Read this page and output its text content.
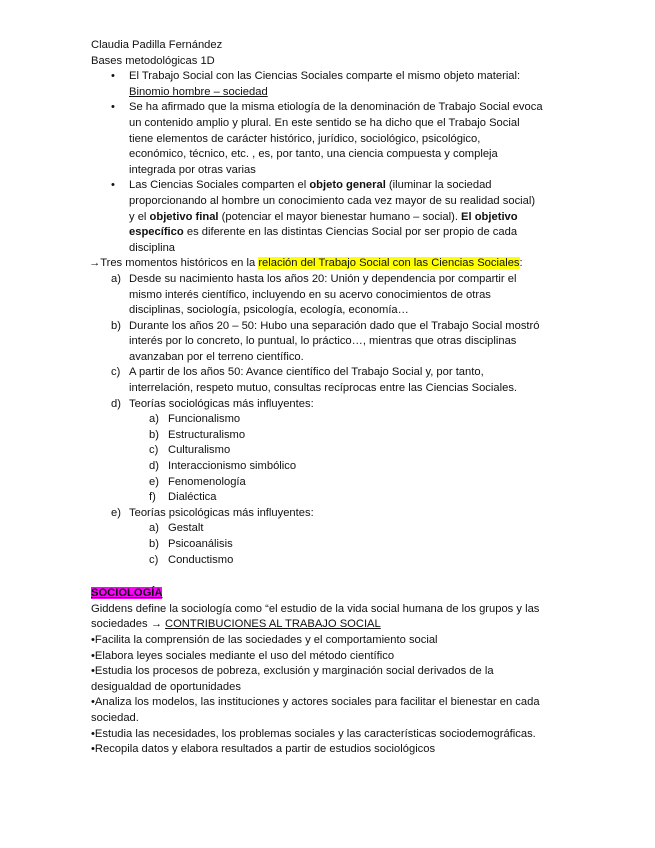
Claudia Padilla Fernández
Bases metodológicas 1D
• El Trabajo Social con las Ciencias Sociales comparte el mismo objeto material:
Binomio hombre – sociedad
• Se ha afirmado que la misma etiología de la denominación de Trabajo Social evoca
un contenido amplio y plural. En este sentido se ha dicho que el Trabajo Social
tiene elementos de carácter histórico, jurídico, sociológico, psicológico,
económico, técnico, etc. , es, por tanto, una ciencia compuesta y compleja
integrada por otras varias
• Las Ciencias Sociales comparten el objeto general (iluminar la sociedad
proporcionando al hombre un conocimiento cada vez mayor de su realidad social)
y el objetivo final (potenciar el mayor bienestar humano – social). El objetivo
específico es diferente en las distintas Ciencias Social por ser propio de cada
disciplina
→Tres momentos históricos en la relación del Trabajo Social con las Ciencias Sociales:
a) Desde su nacimiento hasta los años 20: Unión y dependencia por compartir el
mismo interés científico, incluyendo en su acervo conocimientos de otras
disciplinas, sociología, psicología, ecología, economía…
b) Durante los años 20 – 50: Hubo una separación dado que el Trabajo Social mostró
interés por lo concreto, lo puntual, lo práctico…, mientras que otras disciplinas
avanzaban por el terreno científico.
c) A partir de los años 50: Avance científico del Trabajo Social y, por tanto,
interrelación, respeto mutuo, consultas recíprocas entre las Ciencias Sociales.
d) Teorías sociológicas más influyentes:
a) Funcionalismo
b) Estructuralismo
c) Culturalismo
d) Interaccionismo simbólico
e) Fenomenología
f) Dialéctica
e) Teorías psicológicas más influyentes:
a) Gestalt
b) Psicoanálisis
c) Conductismo
SOCIOLOGÍA
Giddens define la sociología como “el estudio de la vida social humana de los grupos y las
sociedades → CONTRIBUCIONES AL TRABAJO SOCIAL
•Facilita la comprensión de las sociedades y el comportamiento social
•Elabora leyes sociales mediante el uso del método científico
•Estudia los procesos de pobreza, exclusión y marginación social derivados de la
desigualdad de oportunidades
•Analiza los modelos, las instituciones y actores sociales para facilitar el bienestar en cada
sociedad.
•Estudia las necesidades, los problemas sociales y las características sociodemográficas.
•Recopila datos y elabora resultados a partir de estudios sociológicos
